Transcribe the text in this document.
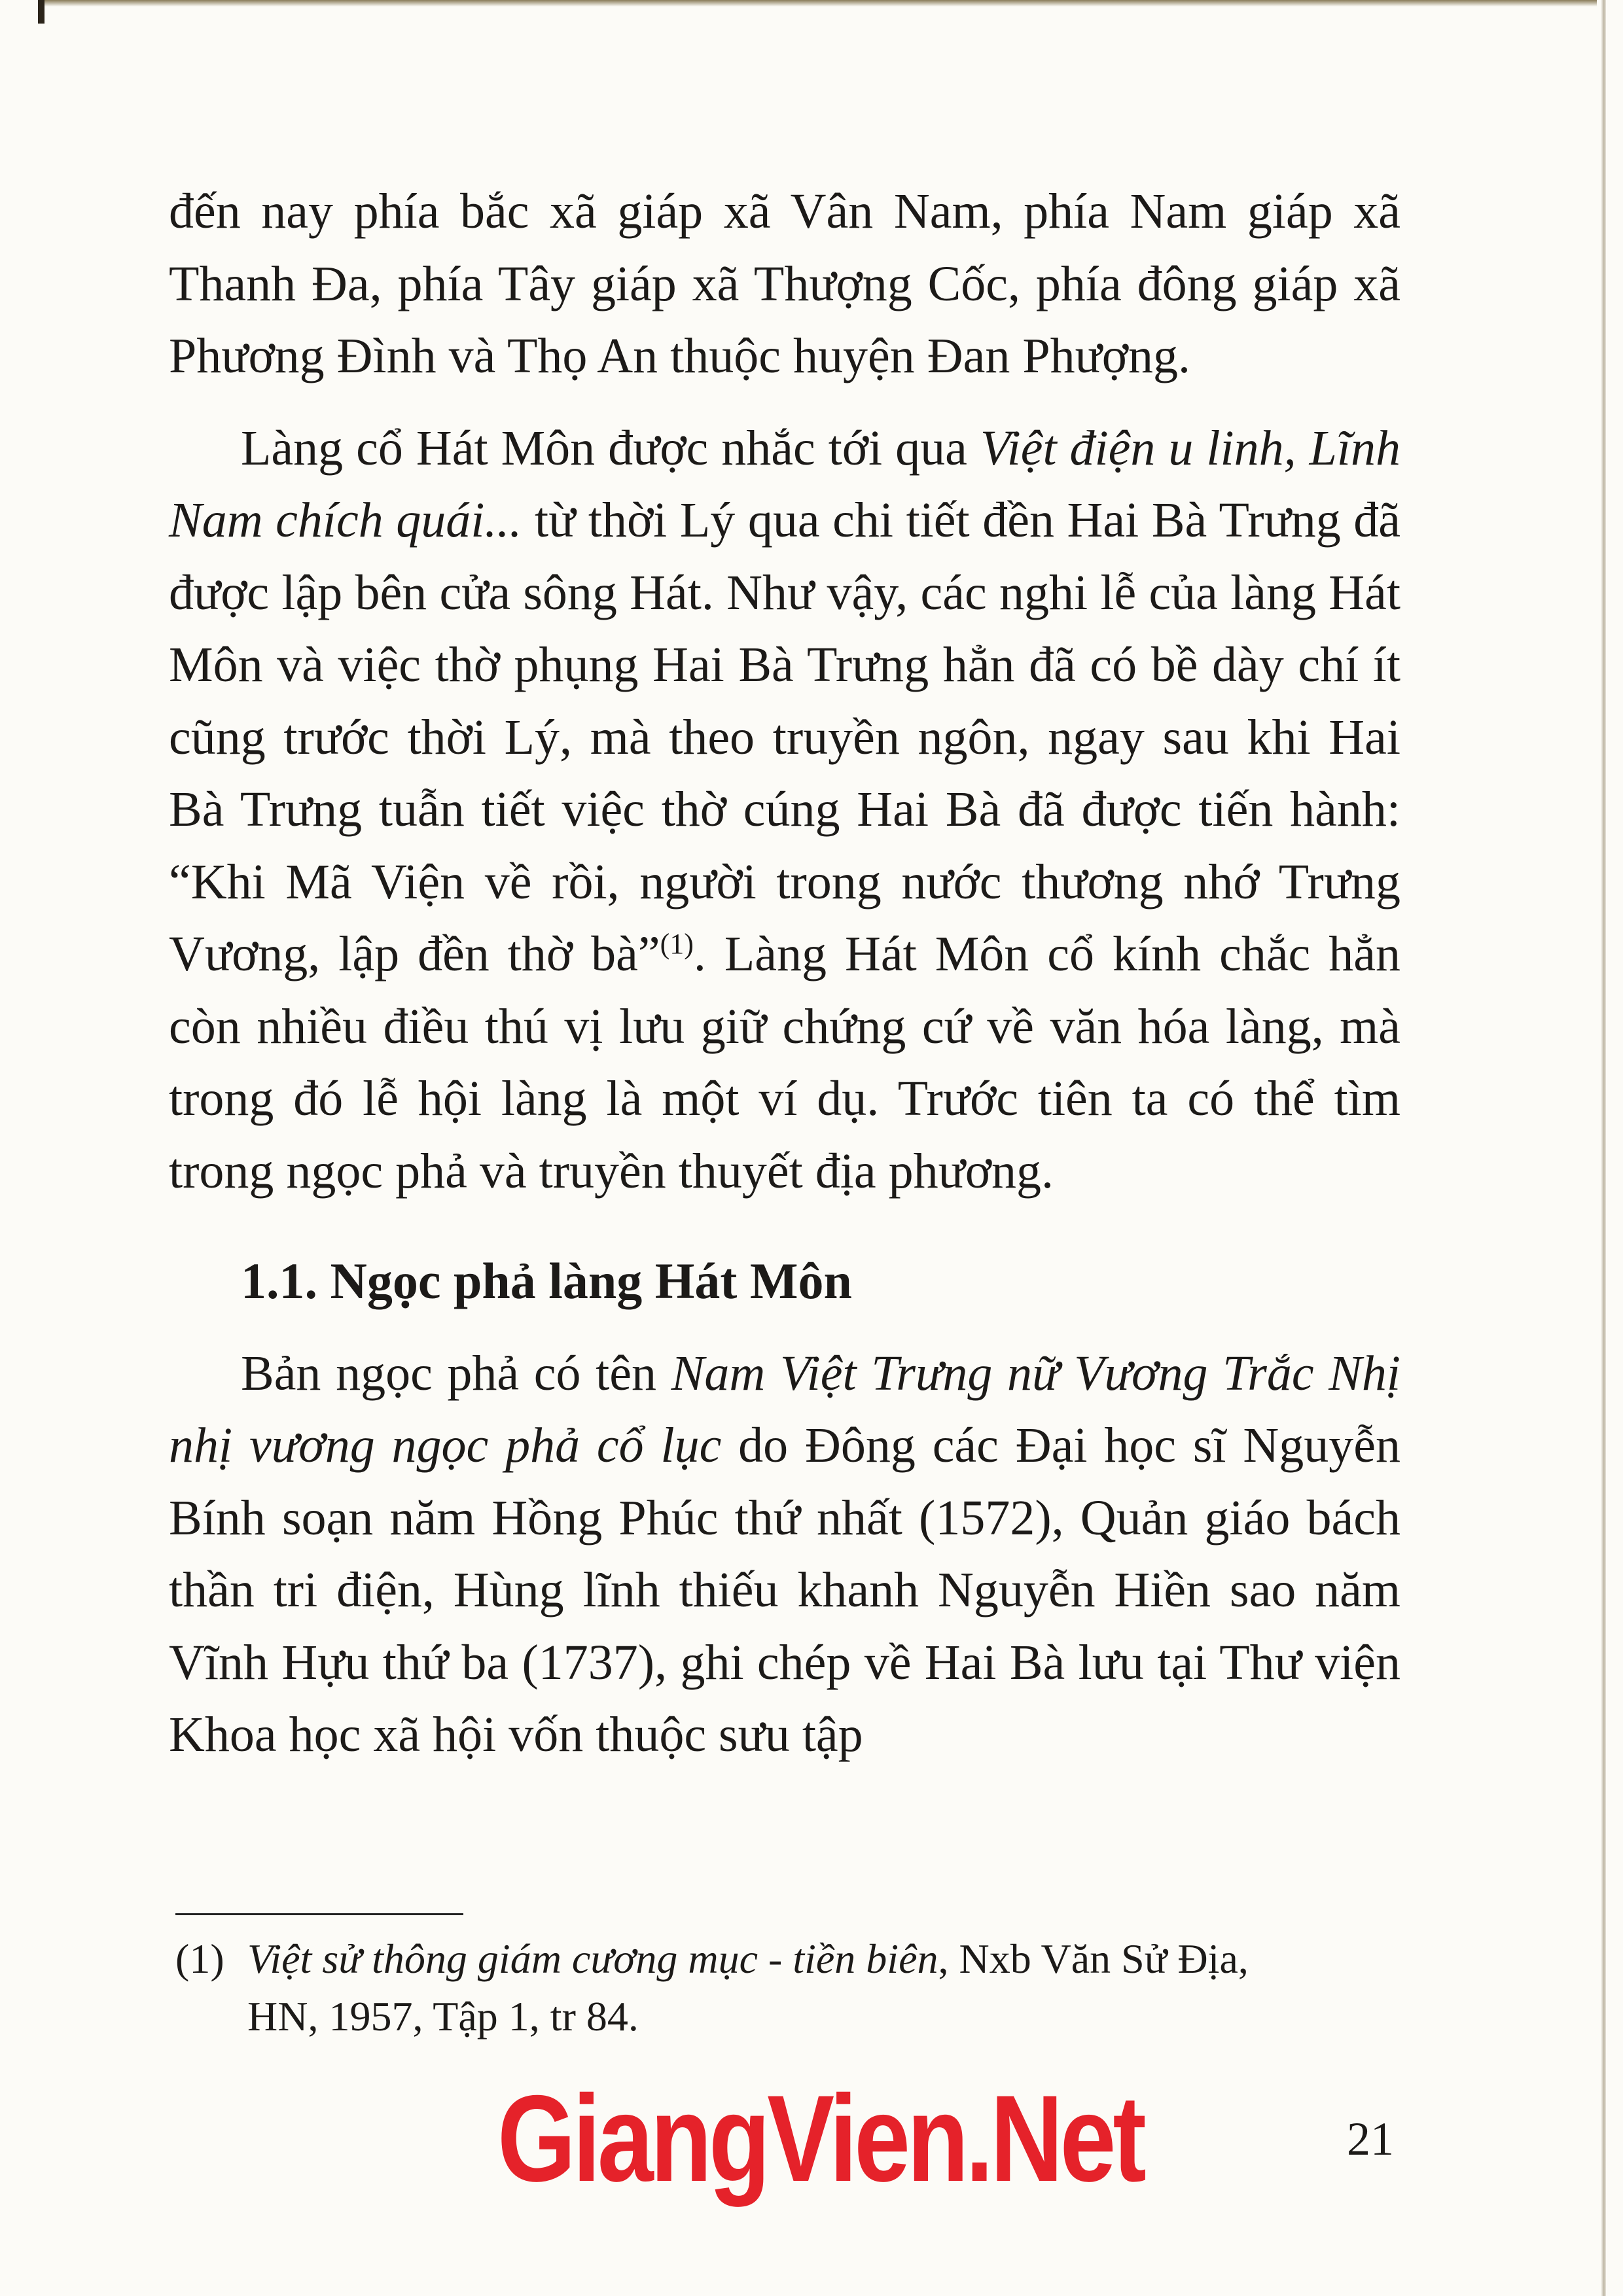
đến nay phía bắc xã giáp xã Vân Nam, phía Nam giáp xã Thanh Đa, phía Tây giáp xã Thượng Cốc, phía đông giáp xã Phương Đình và Thọ An thuộc huyện Đan Phượng.

Làng cổ Hát Môn được nhắc tới qua Việt điện u linh, Lĩnh Nam chích quái... từ thời Lý qua chi tiết đền Hai Bà Trưng đã được lập bên cửa sông Hát. Như vậy, các nghi lễ của làng Hát Môn và việc thờ phụng Hai Bà Trưng hẳn đã có bề dày chí ít cũng trước thời Lý, mà theo truyền ngôn, ngay sau khi Hai Bà Trưng tuẫn tiết việc thờ cúng Hai Bà đã được tiến hành: “Khi Mã Viện về rồi, người trong nước thương nhớ Trưng Vương, lập đền thờ bà”$^{(1)}$. Làng Hát Môn cổ kính chắc hẳn còn nhiều điều thú vị lưu giữ chứng cứ về văn hóa làng, mà trong đó lễ hội làng là một ví dụ. Trước tiên ta có thể tìm trong ngọc phả và truyền thuyết địa phương.

1.1. Ngọc phả làng Hát Môn

Bản ngọc phả có tên Nam Việt Trưng nữ Vương Trắc Nhị nhị vương ngọc phả cổ lục do Đông các Đại học sĩ Nguyễn Bính soạn năm Hồng Phúc thứ nhất (1572), Quản giáo bách thần tri điện, Hùng lĩnh thiếu khanh Nguyễn Hiền sao năm Vĩnh Hựu thứ ba (1737), ghi chép về Hai Bà lưu tại Thư viện Khoa học xã hội vốn thuộc sưu tập

(1) Việt sử thông giám cương mục - tiền biên, Nxb Văn Sử Địa,
HN, 1957, Tập 1, tr 84.
GiangVien.Net	21
